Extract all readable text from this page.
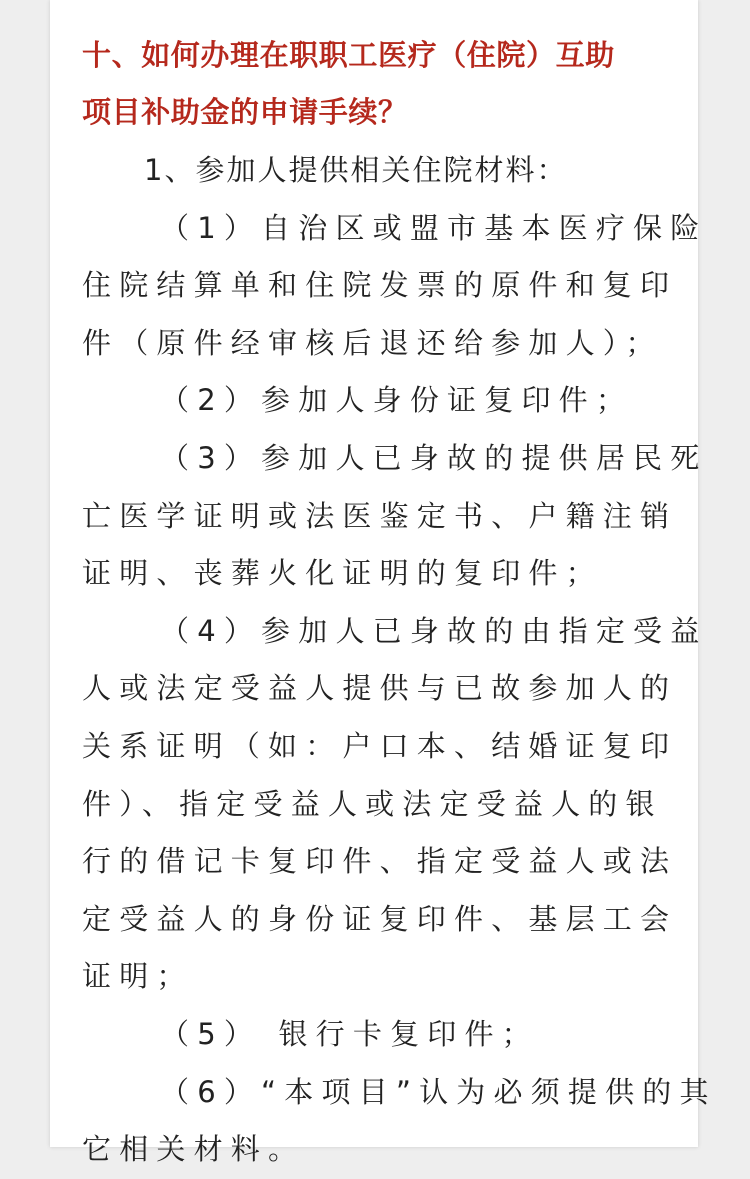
十、如何办理在职职工医疗（住院）互助
项目补助金的申请手续？
1、参加人提供相关住院材料：
（1）自治区或盟市基本医疗保险
住院结算单和住院发票的原件和复印
件（原件经审核后退还给参加人）；
（2）参加人身份证复印件；
（3）参加人已身故的提供居民死
亡医学证明或法医鉴定书、户籍注销
证明、丧葬火化证明的复印件；
（4）参加人已身故的由指定受益
人或法定受益人提供与已故参加人的
关系证明（如：户口本、结婚证复印
件）、指定受益人或法定受益人的银
行的借记卡复印件、指定受益人或法
定受益人的身份证复印件、基层工会
证明；
（5） 银行卡复印件；
（6）“本项目”认为必须提供的其
它相关材料。
